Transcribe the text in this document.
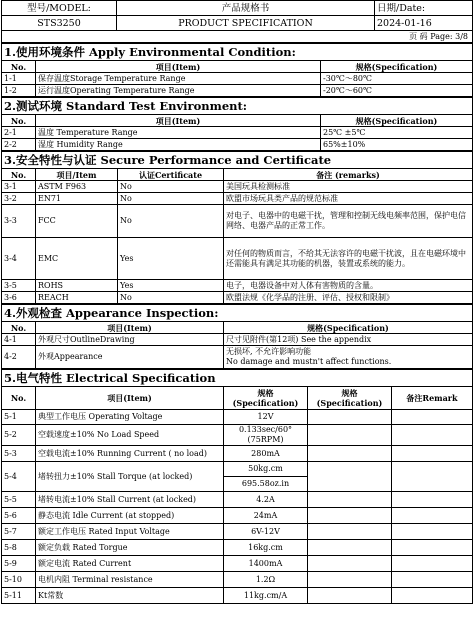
型号/MODEL:	产品规格书	日期/Date:
STS3250	PRODUCT SPECIFICATION	2024-01-16
页 码 Page: 3/8		
1.使用环境条件 Apply Environmental Condition:		
No.	项目(Item)	规格(Specification)
1-1	保存温度Storage Temperature Range	-30℃～80℃
1-2	运行温度Operating Temperature Range	-20℃～60℃
2.测试环境 Standard Test Environment:		
No.	项目(Item)	规格(Specification)
2-1	温度 Temperature Range	25℃ ±5℃
2-2	湿度 Humidity Range	65%±10%
3.安全特性与认证 Secure Performance and Certificate			
No.	项目/Item	认证Certificate	备注 (remarks)
3-1	ASTM F963	No	美国玩具检测标准
3-2	EN71	No	欧盟市场玩具类产品的规范标准
3-3	FCC	No	对电子、电器中的电磁干扰，管理和控制无线电频率范围，保护电信网络、电器产品的正常工作。
3-4	EMC	Yes	对任何的物质而言，不给其无法容许的电磁干扰波，且在电磁环境中还需能具有满足其功能的机器，装置或系统的能力。
3-5	ROHS	Yes	电子，电器设备中对人体有害物质的含量。
3-6	REACH	No	欧盟法规《化学品的注册、评估、授权和限制》
4.外观检查 Appearance Inspection:		
No.	项目(Item)	规格(Specification)
4-1	外观尺寸OutlineDrawing	尺寸见附件(第12项) See the appendix
4-2	外观Appearance	无损坏, 不允许影响功能
No damage and mustn't affect functions.
5.电气特性 Electrical Specification				
No.	项目(Item)	规格(Specification)	规格(Specification)	备注Remark
5-1	典型工作电压 Operating Voltage	12V		
5-2	空载速度±10% No Load Speed	0.133sec/60°
(75RPM)		
5-3	空载电流±10% Running Current ( no load)	280mA		
5-4	堵转扭力±10% Stall Torque (at locked)	50kg.cm		
		695.58oz.in		
5-5	堵转电流±10% Stall Current (at locked)	4.2A		
5-6	静态电流 Idle Current (at stopped)	24mA		
5-7	额定工作电压 Rated Input Voltage	6V-12V		
5-8	额定负载 Rated Torgue	16kg.cm		
5-9	额定电流 Rated Current	1400mA		
5-10	电机内阻 Terminal resistance	1.2Ω		
5-11	Kt常数	11kg.cm/A		
